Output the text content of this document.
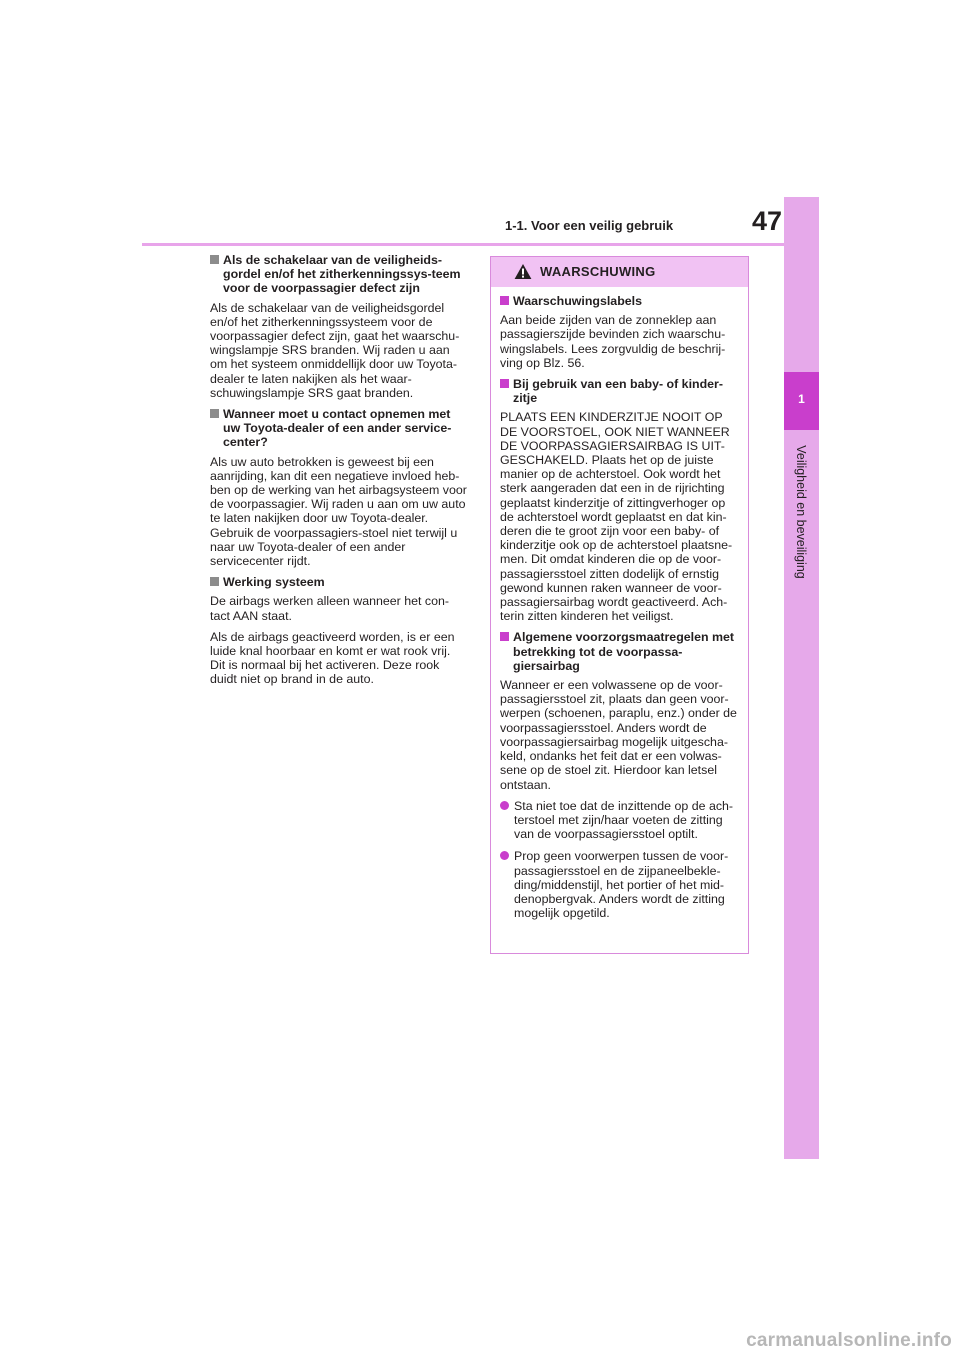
1-1. Voor een veilig gebruik	47
1
Veiligheid en beveiliging
Als de schakelaar van de veiligheids-gordel en/of het zitherkenningssys-teem voor de voorpassagier defect zijn

Als de schakelaar van de veiligheidsgordel en/of het zitherkenningssysteem voor de voorpassagier defect zijn, gaat het waarschu-wingslampje SRS branden. Wij raden u aan om het systeem onmiddellijk door uw Toyota-dealer te laten nakijken als het waar-schuwingslampje SRS gaat branden.

Wanneer moet u contact opnemen met uw Toyota-dealer of een ander service-center?

Als uw auto betrokken is geweest bij een aanrijding, kan dit een negatieve invloed heb-ben op de werking van het airbagsysteem voor de voorpassagier. Wij raden u aan om uw auto te laten nakijken door uw Toyota-dealer. Gebruik de voorpassagiers-stoel niet terwijl u naar uw Toyota-dealer of een ander servicecenter rijdt.

Werking systeem

De airbags werken alleen wanneer het con-tact AAN staat.

Als de airbags geactiveerd worden, is er een luide knal hoorbaar en komt er wat rook vrij. Dit is normaal bij het activeren. Deze rook duidt niet op brand in de auto.

WAARSCHUWING
Waarschuwingslabels

Aan beide zijden van de zonneklep aan passagierszijde bevinden zich waarschu-wingslabels. Lees zorgvuldig de beschrij-ving op Blz. 56.

Bij gebruik van een baby- of kinder-zitje

PLAATS EEN KINDERZITJE NOOIT OP DE VOORSTOEL, OOK NIET WANNEER DE VOORPASSAGIERSAIRBAG IS UIT-GESCHAKELD. Plaats het op de juiste manier op de achterstoel. Ook wordt het sterk aangeraden dat een in de rijrichting geplaatst kinderzitje of zittingverhoger op de achterstoel wordt geplaatst en dat kin-deren die te groot zijn voor een baby- of kinderzitje ook op de achterstoel plaatsne-men. Dit omdat kinderen die op de voor-passagiersstoel zitten dodelijk of ernstig gewond kunnen raken wanneer de voor-passagiersairbag wordt geactiveerd. Ach-terin zitten kinderen het veiligst.

Algemene voorzorgsmaatregelen met betrekking tot de voorpassa-giersairbag

Wanneer er een volwassene op de voor-passagiersstoel zit, plaats dan geen voor-werpen (schoenen, paraplu, enz.) onder de voorpassagiersstoel. Anders wordt de voorpassagiersairbag mogelijk uitgescha-keld, ondanks het feit dat er een volwas-sene op de stoel zit. Hierdoor kan letsel ontstaan.

Sta niet toe dat de inzittende op de ach-terstoel met zijn/haar voeten de zitting van de voorpassagiersstoel optilt.
Prop geen voorwerpen tussen de voor-passagiersstoel en de zijpaneelbekle-ding/middenstijl, het portier of het mid-denopbergvak. Anders wordt de zitting mogelijk opgetild.
carmanualsonline.info
